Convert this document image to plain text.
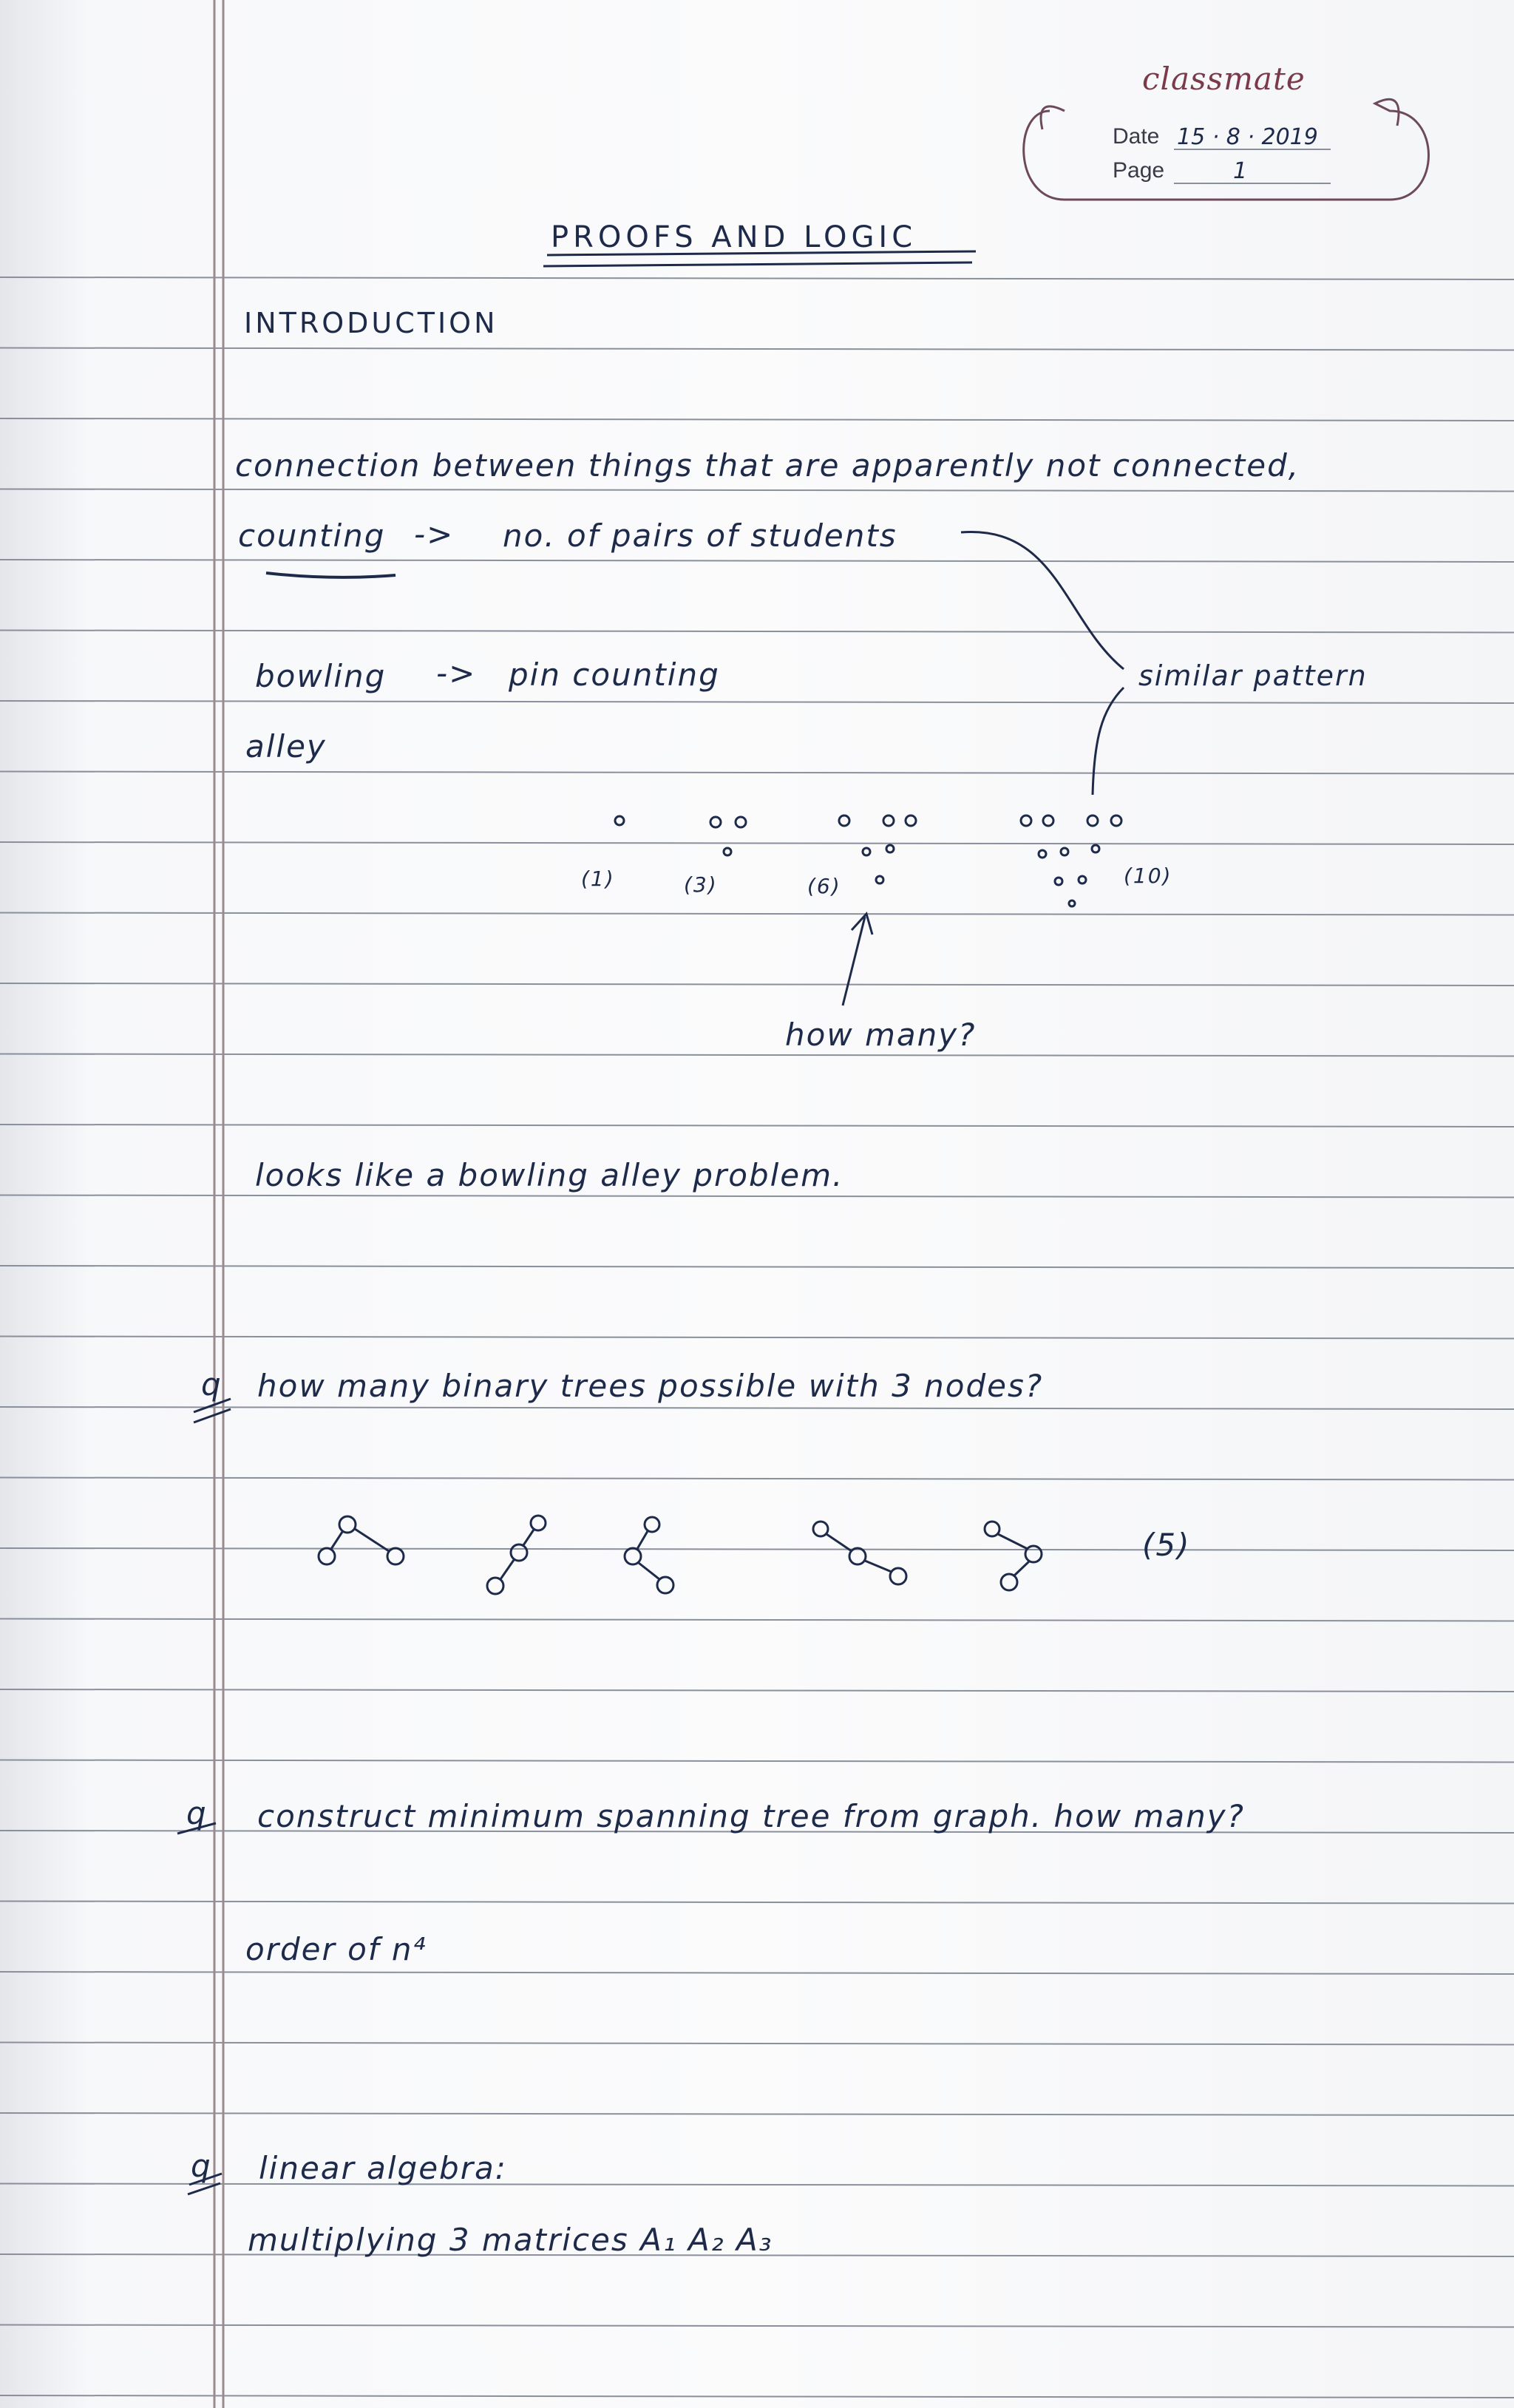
classmate
Date 15 · 8 · 2019
Page	1
PROOFS AND LOGIC
INTRODUCTION
connection between things that are apparently not connected,
counting -> no. of pairs of students
bowling -> pin counting
alley
similar pattern
(1)	(3)	(6)	(10)
how many?
looks like a bowling alley problem.
q how many binary trees possible with 3 nodes?
(5)
q construct minimum spanning tree from graph. how many?
order of n⁴
q linear algebra:
multiplying 3 matrices A₁ A₂ A₃
